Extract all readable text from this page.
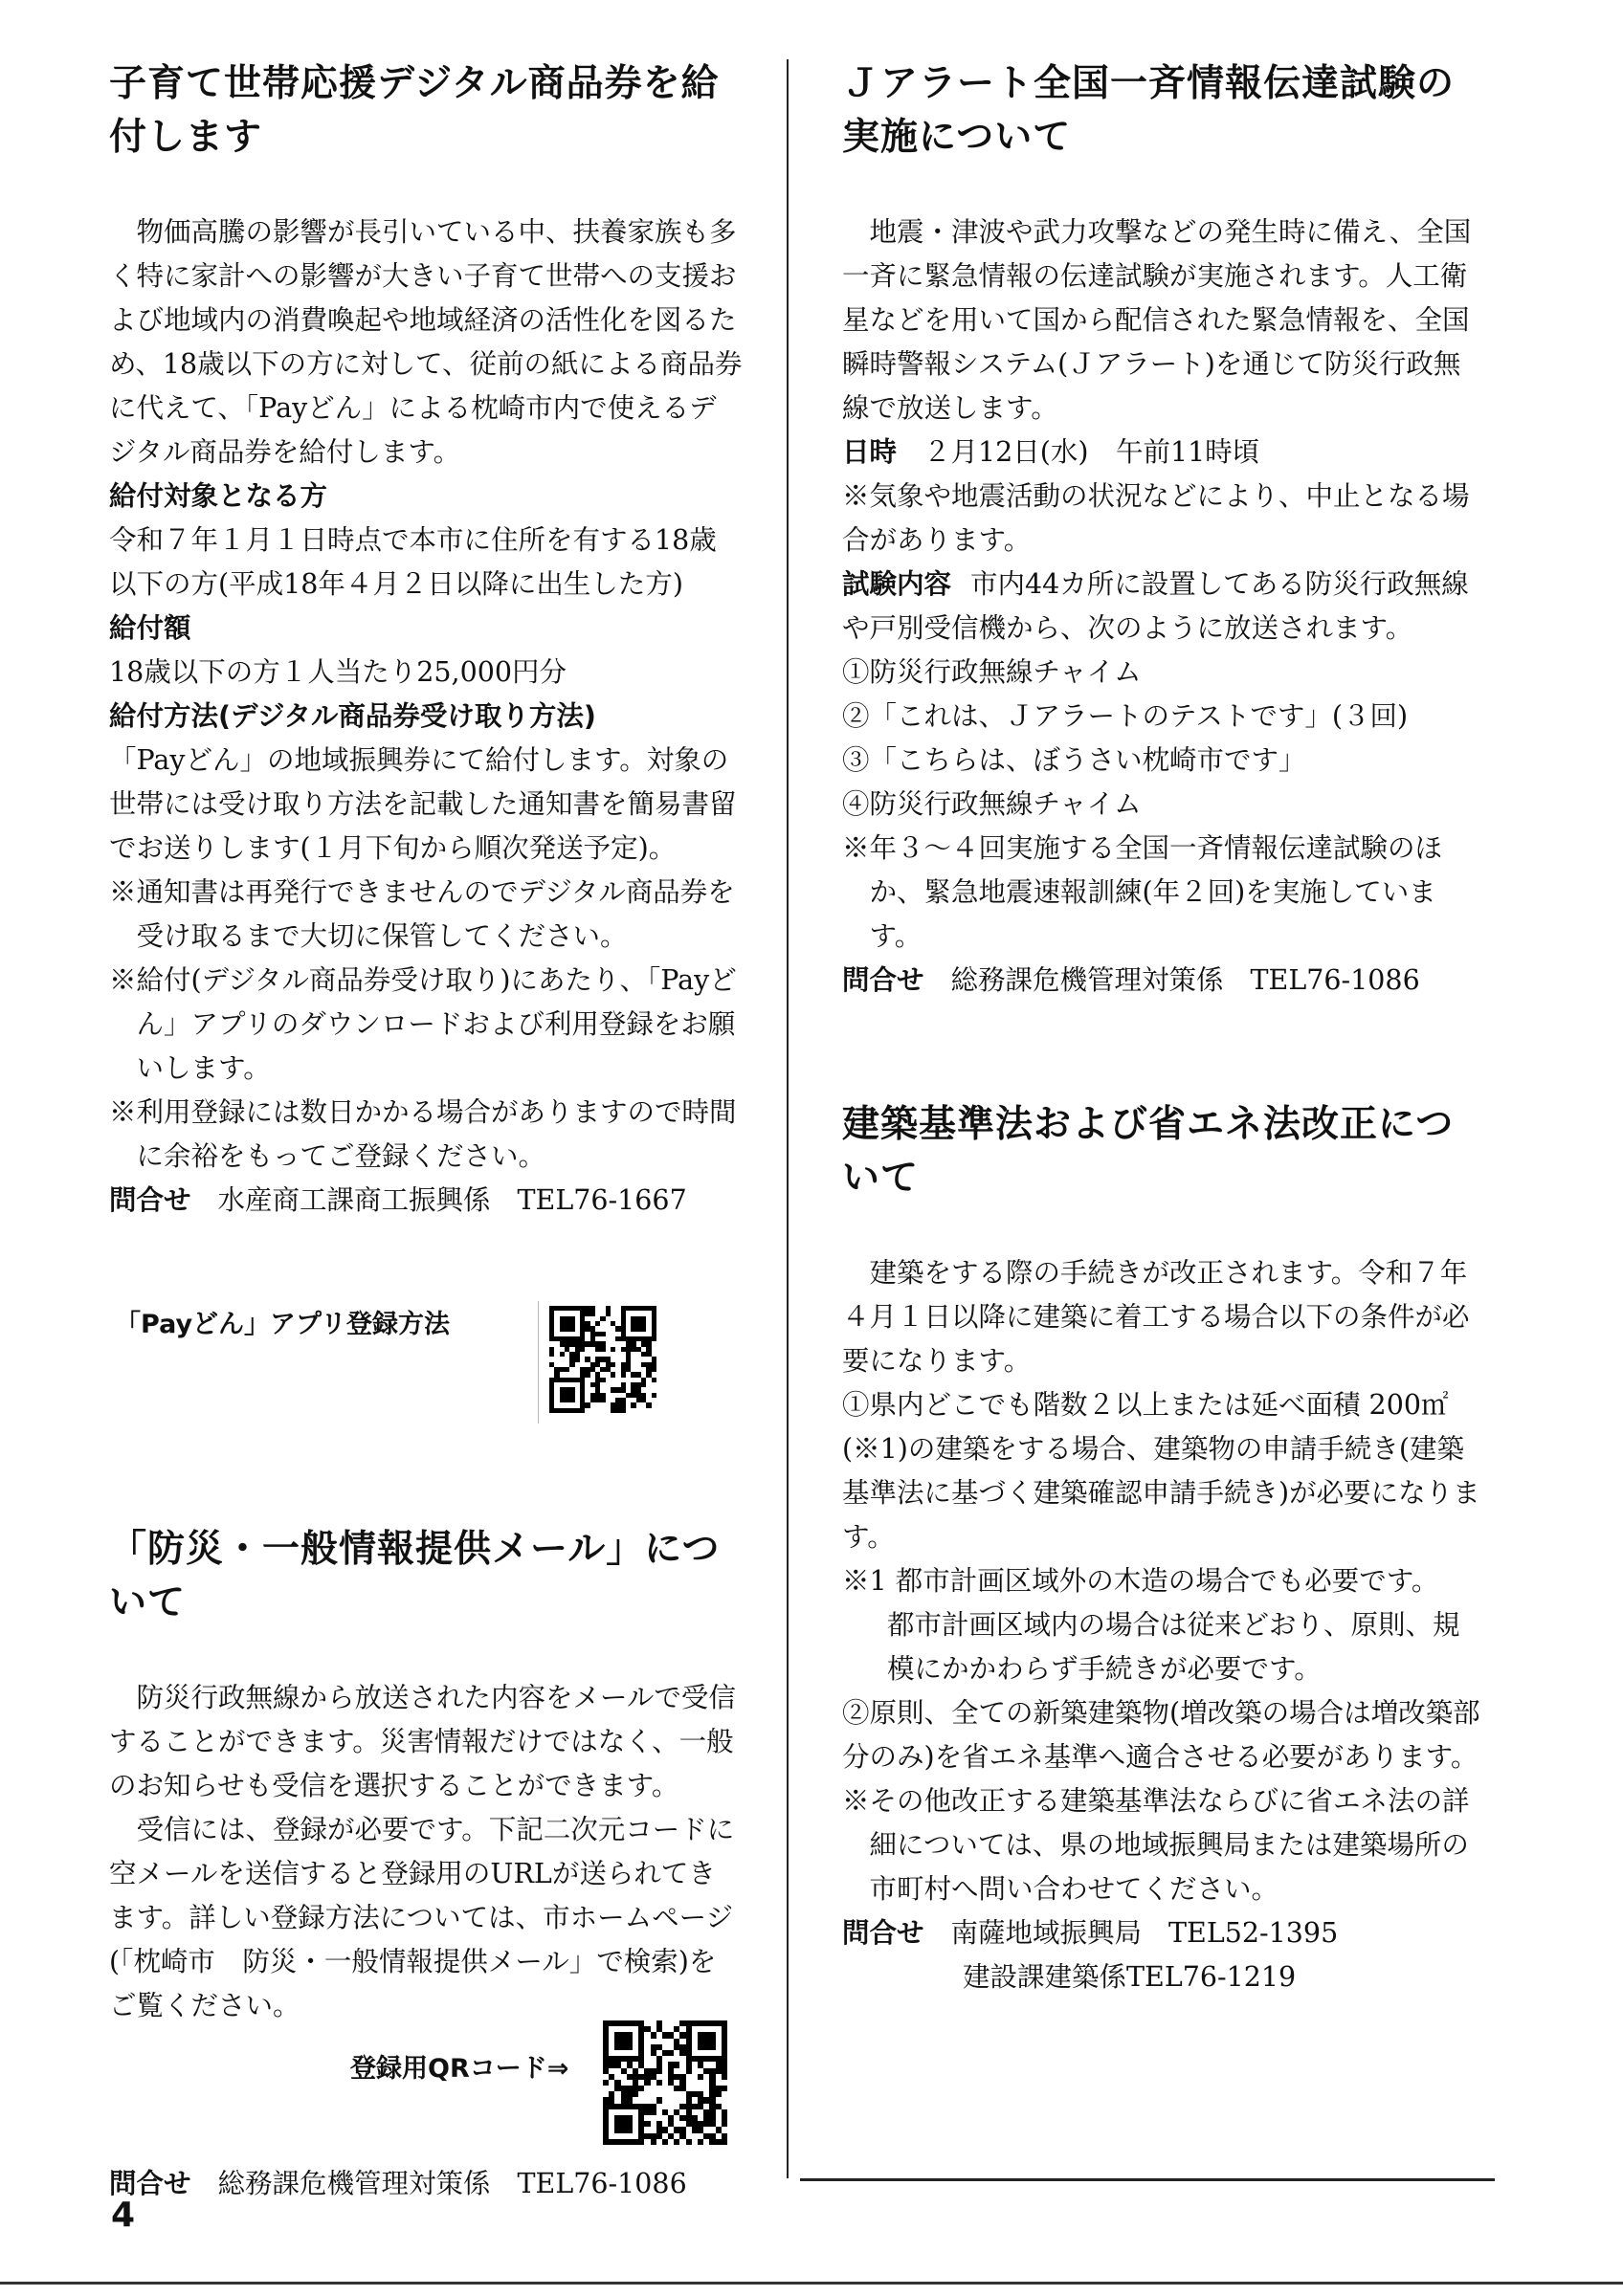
子育て世帯応援デジタル商品券を給付します

物価高騰の影響が長引いている中、扶養家族も多く特に家計への影響が大きい子育て世帯への支援および地域内の消費喚起や地域経済の活性化を図るため、18歳以下の方に対して、従前の紙による商品券に代えて、「Payどん」による枕崎市内で使えるデジタル商品券を給付します。

給付対象となる方

令和７年１月１日時点で本市に住所を有する18歳以下の方(平成18年４月２日以降に出生した方)

給付額

18歳以下の方１人当たり25,000円分

給付方法(デジタル商品券受け取り方法)

「Payどん」の地域振興券にて給付します。対象の世帯には受け取り方法を記載した通知書を簡易書留でお送りします(１月下旬から順次発送予定)。

※通知書は再発行できませんのでデジタル商品券を受け取るまで大切に保管してください。

※給付(デジタル商品券受け取り)にあたり、「Payどん」アプリのダウンロードおよび利用登録をお願いします。

※利用登録には数日かかる場合がありますので時間に余裕をもってご登録ください。

問合せ 水産商工課商工振興係 TEL76-1667

「Payどん」アプリ登録方法

「防災・一般情報提供メール」について

防災行政無線から放送された内容をメールで受信することができます。災害情報だけではなく、一般のお知らせも受信を選択することができます。

受信には、登録が必要です。下記二次元コードに空メールを送信すると登録用のURLが送られてきます。詳しい登録方法については、市ホームページ(「枕崎市　防災・一般情報提供メール」で検索)をご覧ください。

登録用QRコード⇒

問合せ 総務課危機管理対策係 TEL76-1086

Ｊアラート全国一斉情報伝達試験の実施について

地震・津波や武力攻撃などの発生時に備え、全国一斉に緊急情報の伝達試験が実施されます。人工衛星などを用いて国から配信された緊急情報を、全国瞬時警報システム(Ｊアラート)を通じて防災行政無線で放送します。

日時 ２月12日(水)　午前11時頃

※気象や地震活動の状況などにより、中止となる場合があります。

試験内容 市内44カ所に設置してある防災行政無線や戸別受信機から、次のように放送されます。

①防災行政無線チャイム

②「これは、Ｊアラートのテストです」(３回)

③「こちらは、ぼうさい枕崎市です」

④防災行政無線チャイム

※年３～４回実施する全国一斉情報伝達試験のほか、緊急地震速報訓練(年２回)を実施しています。

問合せ 総務課危機管理対策係 TEL76-1086

建築基準法および省エネ法改正について

建築をする際の手続きが改正されます。令和７年４月１日以降に建築に着工する場合以下の条件が必要になります。

①県内どこでも階数２以上または延べ面積 200㎡(※1)の建築をする場合、建築物の申請手続き(建築基準法に基づく建築確認申請手続き)が必要になります。

※1 都市計画区域外の木造の場合でも必要です。

都市計画区域内の場合は従来どおり、原則、規模にかかわらず手続きが必要です。

②原則、全ての新築建築物(増改築の場合は増改築部分のみ)を省エネ基準へ適合させる必要があります。

※その他改正する建築基準法ならびに省エネ法の詳細については、県の地域振興局または建築場所の市町村へ問い合わせてください。

問合せ 南薩地域振興局 TEL52-1395

建設課建築係TEL76-1219

4
